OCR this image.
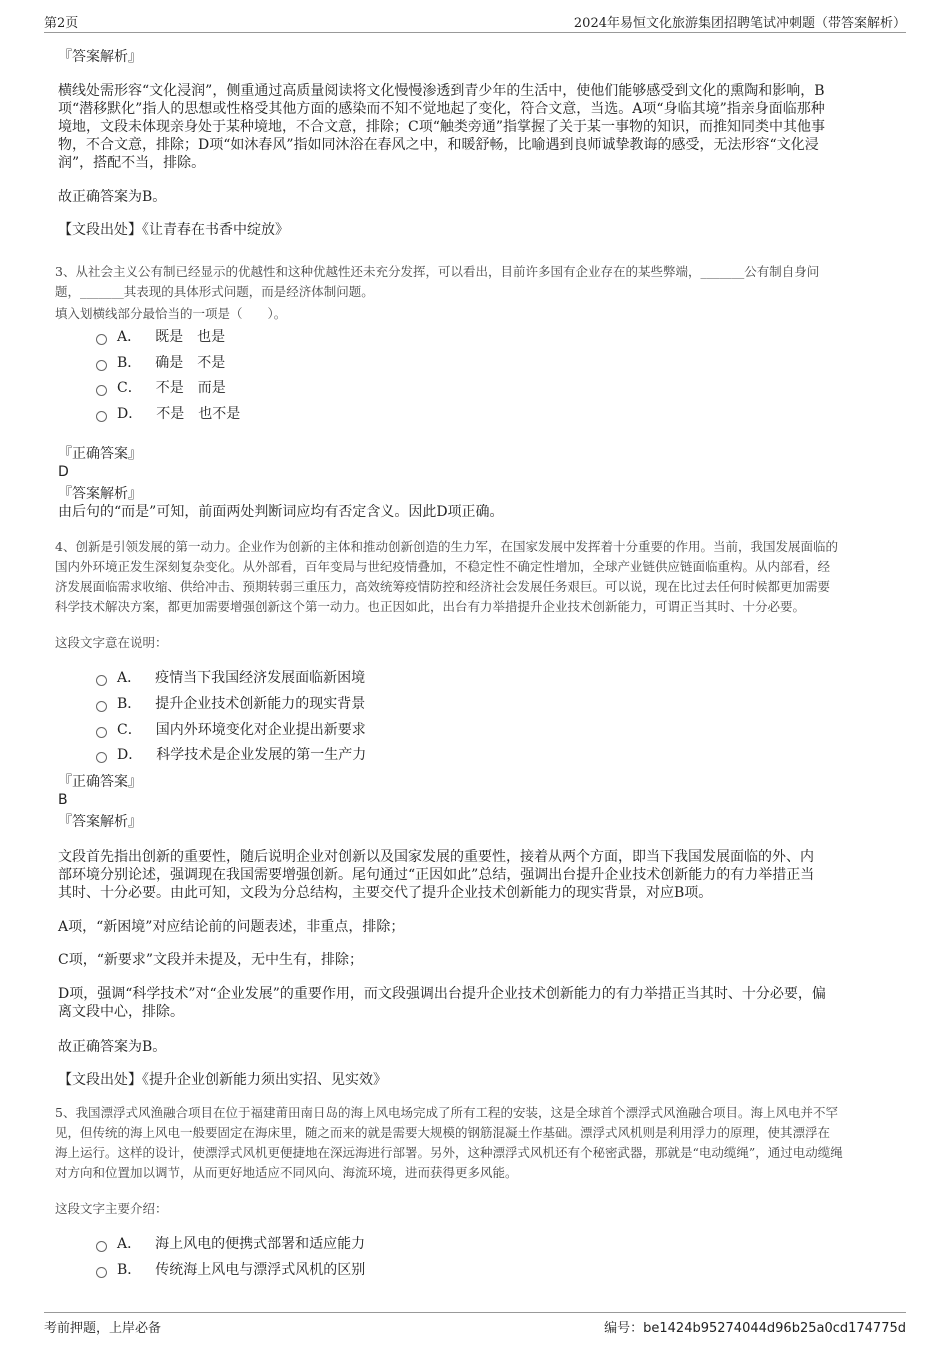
第2页	2024年易恒文化旅游集团招聘笔试冲刺题（带答案解析）
『答案解析』
横线处需形容“文化浸润”，侧重通过高质量阅读将文化慢慢渗透到青少年的生活中，使他们能够感受到文化的熏陶和影响，B
项“潜移默化”指人的思想或性格受其他方面的感染而不知不觉地起了变化，符合文意，当选。A项“身临其境”指亲身面临那种
境地，文段未体现亲身处于某种境地，不合文意，排除；C项“触类旁通”指掌握了关于某一事物的知识，而推知同类中其他事
物，不合文意，排除；D项“如沐春风”指如同沐浴在春风之中，和暖舒畅，比喻遇到良师诚挚教诲的感受，无法形容“文化浸
润”，搭配不当，排除。
故正确答案为B。
【文段出处】《让青春在书香中绽放》
3、从社会主义公有制已经显示的优越性和这种优越性还未充分发挥，可以看出，目前许多国有企业存在的某些弊端，_______公有制自身问
题，_______其表现的具体形式问题，而是经济体制问题。
填入划横线部分最恰当的一项是（　　）。
A． 既是　也是
B． 确是　不是
C． 不是　而是
D． 不是　也不是
『正确答案』
D
『答案解析』
由后句的“而是”可知，前面两处判断词应均有否定含义。因此D项正确。
4、创新是引领发展的第一动力。企业作为创新的主体和推动创新创造的生力军，在国家发展中发挥着十分重要的作用。当前，我国发展面临的
国内外环境正发生深刻复杂变化。从外部看，百年变局与世纪疫情叠加，不稳定性不确定性增加，全球产业链供应链面临重构。从内部看，经
济发展面临需求收缩、供给冲击、预期转弱三重压力，高效统筹疫情防控和经济社会发展任务艰巨。可以说，现在比过去任何时候都更加需要
科学技术解决方案，都更加需要增强创新这个第一动力。也正因如此，出台有力举措提升企业技术创新能力，可谓正当其时、十分必要。
这段文字意在说明：
A． 疫情当下我国经济发展面临新困境
B． 提升企业技术创新能力的现实背景
C． 国内外环境变化对企业提出新要求
D． 科学技术是企业发展的第一生产力
『正确答案』
B
『答案解析』
文段首先指出创新的重要性，随后说明企业对创新以及国家发展的重要性，接着从两个方面，即当下我国发展面临的外、内
部环境分别论述，强调现在我国需要增强创新。尾句通过“正因如此”总结，强调出台提升企业技术创新能力的有力举措正当
其时、十分必要。由此可知，文段为分总结构，主要交代了提升企业技术创新能力的现实背景，对应B项。
A项，“新困境”对应结论前的问题表述，非重点，排除；
C项，“新要求”文段并未提及，无中生有，排除；
D项，强调“科学技术”对“企业发展”的重要作用，而文段强调出台提升企业技术创新能力的有力举措正当其时、十分必要，偏
离文段中心，排除。
故正确答案为B。
【文段出处】《提升企业创新能力须出实招、见实效》
5、我国漂浮式风渔融合项目在位于福建莆田南日岛的海上风电场完成了所有工程的安装，这是全球首个漂浮式风渔融合项目。海上风电并不罕
见，但传统的海上风电一般要固定在海床里，随之而来的就是需要大规模的钢筋混凝土作基础。漂浮式风机则是利用浮力的原理，使其漂浮在
海上运行。这样的设计，使漂浮式风机更便捷地在深远海进行部署。另外，这种漂浮式风机还有个秘密武器，那就是“电动缆绳”，通过电动缆绳
对方向和位置加以调节，从而更好地适应不同风向、海流环境，进而获得更多风能。
这段文字主要介绍：
A． 海上风电的便携式部署和适应能力
B． 传统海上风电与漂浮式风机的区别
考前押题，上岸必备	编号：be1424b95274044d96b25a0cd174775d
